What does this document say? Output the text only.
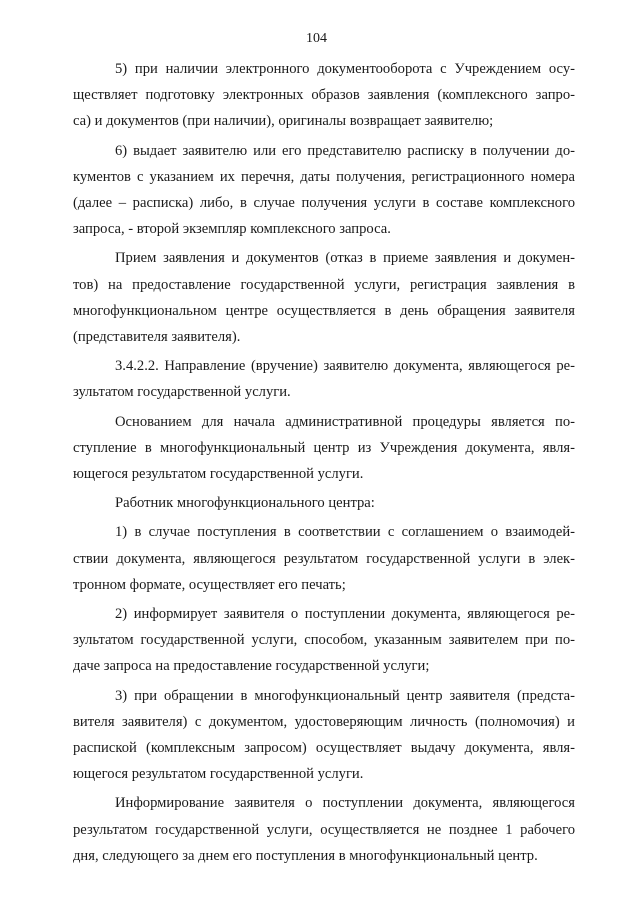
104
5) при наличии электронного документооборота с Учреждением осу-
ществляет подготовку электронных образов заявления (комплексного запро-
са) и документов (при наличии), оригиналы возвращает заявителю;
6) выдает заявителю или его представителю расписку в получении до-
кументов с указанием их перечня, даты получения, регистрационного номера
(далее – расписка) либо, в случае получения услуги в составе комплексного
запроса, - второй экземпляр комплексного запроса.
Прием заявления и документов (отказ в приеме заявления и докумен-
тов) на предоставление государственной услуги, регистрация заявления в
многофункциональном центре осуществляется в день обращения заявителя
(представителя заявителя).
3.4.2.2. Направление (вручение) заявителю документа, являющегося ре-
зультатом государственной услуги.
Основанием для начала административной процедуры является по-
ступление в многофункциональный центр из Учреждения документа, явля-
ющегося результатом государственной услуги.
Работник многофункционального центра:
1) в случае поступления в соответствии с соглашением о взаимодей-
ствии документа, являющегося результатом государственной услуги в элек-
тронном формате, осуществляет его печать;
2) информирует заявителя о поступлении документа, являющегося ре-
зультатом государственной услуги, способом, указанным заявителем при по-
даче запроса на предоставление государственной услуги;
3) при обращении в многофункциональный центр заявителя (предста-
вителя заявителя) с документом, удостоверяющим личность (полномочия) и
распиской (комплексным запросом) осуществляет выдачу документа, явля-
ющегося результатом государственной услуги.
Информирование заявителя о поступлении документа, являющегося
результатом государственной услуги, осуществляется не позднее 1 рабочего
дня, следующего за днем его поступления в многофункциональный центр.
